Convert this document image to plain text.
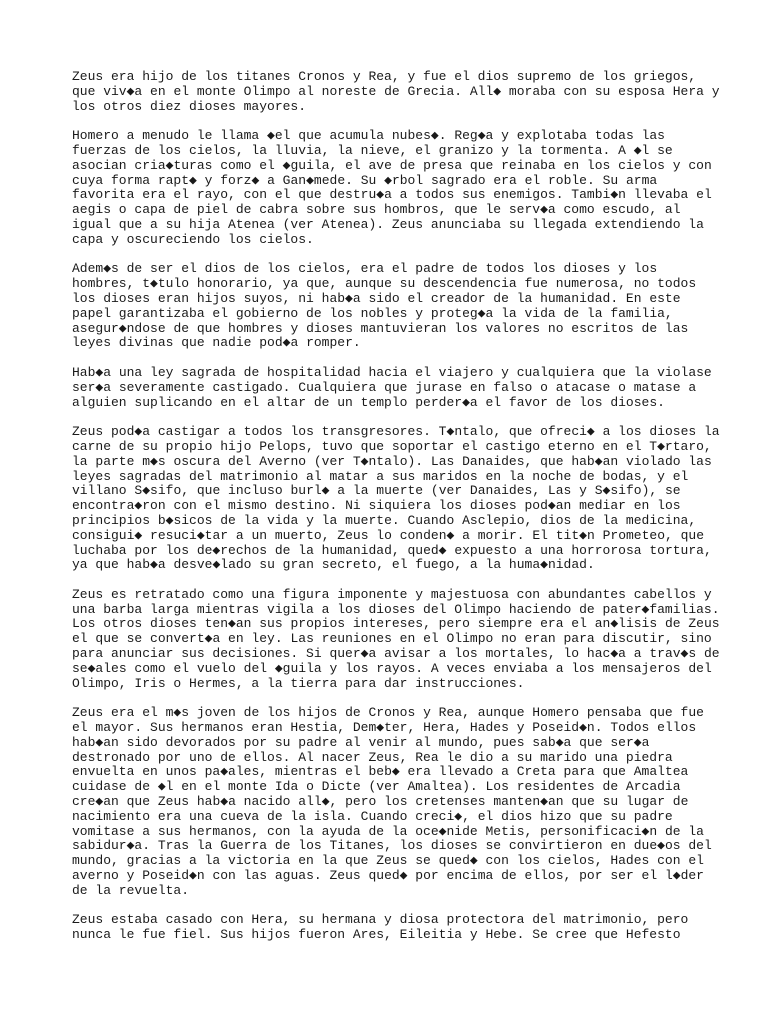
Zeus era hijo de los titanes Cronos y Rea, y fue el dios supremo de los griegos,
que viv◆a en el monte Olimpo al noreste de Grecia. All◆ moraba con su esposa Hera y
los otros diez dioses mayores.
Homero a menudo le llama ◆el que acumula nubes◆. Reg◆a y explotaba todas las
fuerzas de los cielos, la lluvia, la nieve, el granizo y la tormenta. A ◆l se
asocian cria◆turas como el ◆guila, el ave de presa que reinaba en los cielos y con
cuya forma rapt◆ y forz◆ a Gan◆mede. Su ◆rbol sagrado era el roble. Su arma
favorita era el rayo, con el que destru◆a a todos sus enemigos. Tambi◆n llevaba el
aegis o capa de piel de cabra sobre sus hombros, que le serv◆a como escudo, al
igual que a su hija Atenea (ver Atenea). Zeus anunciaba su llegada extendiendo la
capa y oscureciendo los cielos.
Adem◆s de ser el dios de los cielos, era el padre de todos los dioses y los
hombres, t◆tulo honorario, ya que, aunque su descendencia fue numerosa, no todos
los dioses eran hijos suyos, ni hab◆a sido el creador de la humanidad. En este
papel garantizaba el gobierno de los nobles y proteg◆a la vida de la familia,
asegur◆ndose de que hombres y dioses mantuvieran los valores no escritos de las
leyes divinas que nadie pod◆a romper.
Hab◆a una ley sagrada de hospitalidad hacia el viajero y cualquiera que la violase
ser◆a severamente castigado. Cualquiera que jurase en falso o atacase o matase a
alguien suplicando en el altar de un templo perder◆a el favor de los dioses.
Zeus pod◆a castigar a todos los transgresores. T◆ntalo, que ofreci◆ a los dioses la
carne de su propio hijo Pelops, tuvo que soportar el castigo eterno en el T◆rtaro,
la parte m◆s oscura del Averno (ver T◆ntalo). Las Danaides, que hab◆an violado las
leyes sagradas del matrimonio al matar a sus maridos en la noche de bodas, y el
villano S◆sifo, que incluso burl◆ a la muerte (ver Danaides, Las y S◆sifo), se
encontra◆ron con el mismo destino. Ni siquiera los dioses pod◆an mediar en los
principios b◆sicos de la vida y la muerte. Cuando Asclepio, dios de la medicina,
consigui◆ resuci◆tar a un muerto, Zeus lo conden◆ a morir. El tit◆n Prometeo, que
luchaba por los de◆rechos de la humanidad, qued◆ expuesto a una horrorosa tortura,
ya que hab◆a desve◆lado su gran secreto, el fuego, a la huma◆nidad.
Zeus es retratado como una figura imponente y majestuosa con abundantes cabellos y
una barba larga mientras vigila a los dioses del Olimpo haciendo de pater◆familias.
Los otros dioses ten◆an sus propios intereses, pero siempre era el an◆lisis de Zeus
el que se convert◆a en ley. Las reuniones en el Olimpo no eran para discutir, sino
para anunciar sus decisiones. Si quer◆a avisar a los mortales, lo hac◆a a trav◆s de
se◆ales como el vuelo del ◆guila y los rayos. A veces enviaba a los mensajeros del
Olimpo, Iris o Hermes, a la tierra para dar instrucciones.
Zeus era el m◆s joven de los hijos de Cronos y Rea, aunque Homero pensaba que fue
el mayor. Sus hermanos eran Hestia, Dem◆ter, Hera, Hades y Poseid◆n. Todos ellos
hab◆an sido devorados por su padre al venir al mundo, pues sab◆a que ser◆a
destronado por uno de ellos. Al nacer Zeus, Rea le dio a su marido una piedra
envuelta en unos pa◆ales, mientras el beb◆ era llevado a Creta para que Amaltea
cuidase de ◆l en el monte Ida o Dicte (ver Amaltea). Los residentes de Arcadia
cre◆an que Zeus hab◆a nacido all◆, pero los cretenses manten◆an que su lugar de
nacimiento era una cueva de la isla. Cuando creci◆, el dios hizo que su padre
vomitase a sus hermanos, con la ayuda de la oce◆nide Metis, personificaci◆n de la
sabidur◆a. Tras la Guerra de los Titanes, los dioses se convirtieron en due◆os del
mundo, gracias a la victoria en la que Zeus se qued◆ con los cielos, Hades con el
averno y Poseid◆n con las aguas. Zeus qued◆ por encima de ellos, por ser el l◆der
de la revuelta.
Zeus estaba casado con Hera, su hermana y diosa protectora del matrimonio, pero
nunca le fue fiel. Sus hijos fueron Ares, Eileitia y Hebe. Se cree que Hefesto
